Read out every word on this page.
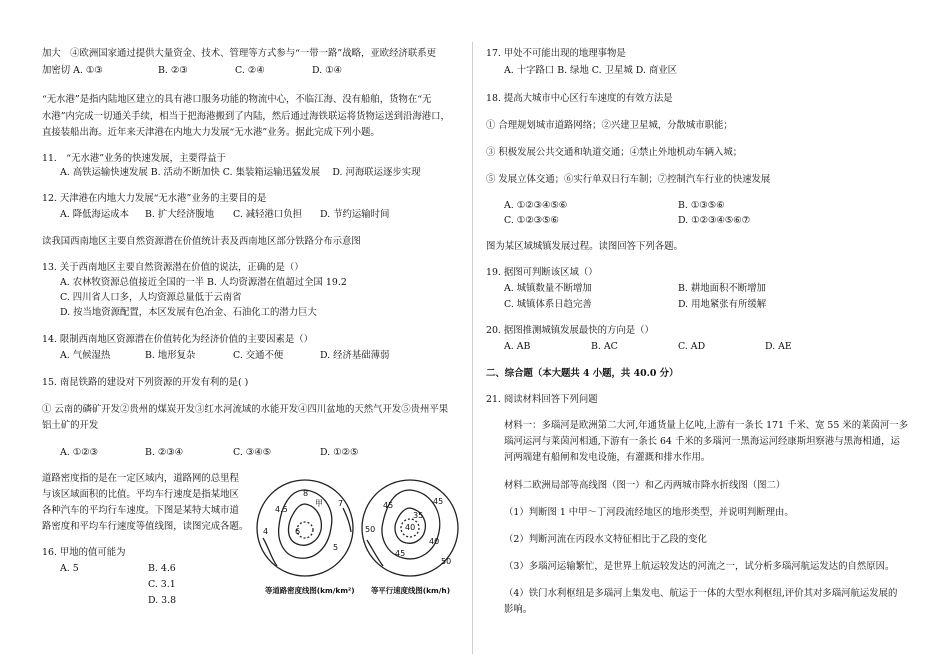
加大　④欧洲国家通过提供大量资金、技术、管理等方式参与“一带一路”战略，亚欧经济联系更
加密切 A. ①③	B. ②③	C. ②④	D. ①④
“无水港”是指内陆地区建立的具有港口服务功能的物流中心，不临江海、没有船舶，货物在“无
水港”内完成一切通关手续，相当于把海港搬到了内陆，然后通过海铁联运将货物运送到沿海港口，
直接装船出海。近年来天津港在内地大力发展“无水港”业务。据此完成下列小题。
11.　“无水港”业务的快速发展，主要得益于
A. 高铁运输快速发展 B. 活动不断加快 C. 集装箱运输迅猛发展　 D. 河海联运逐步实现
12. 天津港在内地大力发展“无水港”业务的主要目的是
A. 降低海运成本 B. 扩大经济腹地 C. 减轻港口负担 D. 节约运输时间
读我国西南地区主要自然资源潜在价值统计表及西南地区部分铁路分布示意图
13. 关于西南地区主要自然资源潜在价值的说法，正确的是（）
A. 农林牧资源总值接近全国的一半 B. 人均资源潜在值超过全国 19.2
C. 四川省人口多，人均资源总量低于云南省
D. 按当地资源配置，本区发展有色冶金、石油化工的潜力巨大
14. 限制西南地区资源潜在价值转化为经济价值的主要因素是（）
A. 气候湿热	B. 地形复杂	C. 交通不便	D. 经济基础薄弱
15. 南昆铁路的建设对下列资源的开发有利的是( )
① 云南的磷矿开发②贵州的煤炭开发③红水河流域的水能开发④四川盆地的天然气开发⑤贵州平果
铝土矿的开发
A. ①②③	B. ②③④	C. ③④⑤	D. ①②⑤
道路密度指的是在一定区域内，道路网的总里程
与该区域面积的比值。平均车行速度是指某地区
各种汽车的平均行车速度。下图是某特大城市道
路密度和平均车行速度等值线图，读图完成各题。
16. 甲地的值可能为
A. 5	B. 4.6
C. 3.1
D. 3.8
8
7
6
5
4
4.5
甲	45	45
50	40
40
35
45
50
等道路密度线图(km/km²) 等平行速度线图(km/h)
17. 甲处不可能出现的地理事物是
A. 十字路口 B. 绿地 C. 卫星城 D. 商业区
18. 提高大城市中心区行车速度的有效方法是
① 合理规划城市道路网络；②兴建卫星城，分散城市职能；
③ 积极发展公共交通和轨道交通；④禁止外地机动车辆入城；
⑤ 发展立体交通；⑥实行单双日行车制；⑦控制汽车行业的快速发展
A. ①②③④⑤⑥	B. ①③⑤⑥
C. ①②③⑤⑥	D. ①②③④⑤⑥⑦
图为某区域城镇发展过程。读图回答下列各题。
19. 据图可判断该区域（）
A. 城镇数量不断增加	B. 耕地面积不断增加
C. 城镇体系日趋完善	D. 用地紧张有所缓解
20. 据图推测城镇发展最快的方向是（）
A. AB	B. AC	C. AD	D. AE
二、综合题（本大题共 4 小题，共 40.0 分）
21. 阅读材料回答下列问题
材料一：多瑙河是欧洲第二大河,年通货量上亿吨,上游有一条长 171 千米、宽 55 米的莱茵河一多
瑙河运河与莱茵河相通,下游有一条长 64 千米的多瑙河一黑海运河经康斯坦察港与黑海相通，运
河两端建有船闸和发电设施，有灌溉和排水作用。
材料二欧洲局部等高线图（图一）和乙丙两城市降水折线图（图二）
（1）判断图 1 中甲～丁河段流经地区的地形类型，并说明判断理由。
（2）判断河流在丙段水文特征相比于乙段的变化
（3）多瑙河运输繁忙，是世界上航运较发达的河流之一，试分析多瑙河航运发达的自然原因。
（4）铁门水利枢纽是多瑙河上集发电、航运于一体的大型水利枢纽,评价其对多瑙河航运发展的
影响。
